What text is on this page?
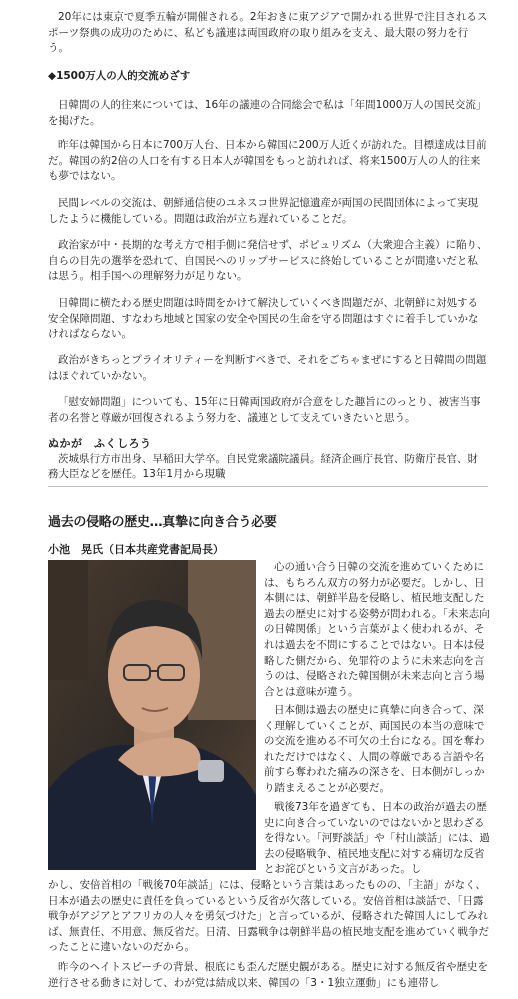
20年には東京で夏季五輪が開催される。2年おきに東アジアで開かれる世界で注目されるスポーツ祭典の成功のために、私ども議連は両国政府の取り組みを支え、最大限の努力を行う。

◆1500万人の人的交流めざす

日韓間の人的往来については、16年の議連の合同総会で私は「年間1000万人の国民交流」を掲げた。

昨年は韓国から日本に700万人台、日本から韓国に200万人近くが訪れた。目標達成は目前だ。韓国の約2倍の人口を有する日本人が韓国をもっと訪れれば、将来1500万人の人的往来も夢ではない。

民間レベルの交流は、朝鮮通信使のユネスコ世界記憶遺産が両国の民間団体によって実現したように機能している。問題は政治が立ち遅れていることだ。

政治家が中・長期的な考え方で相手側に発信せず、ポピュリズム（大衆迎合主義）に陥り、自らの目先の選挙を恐れて、自国民へのリップサービスに終始していることが間違いだと私は思う。相手国への理解努力が足りない。

日韓間に横たわる歴史問題は時間をかけて解決していくべき問題だが、北朝鮮に対処する安全保障問題、すなわち地域と国家の安全や国民の生命を守る問題はすぐに着手していかなければならない。

政治がきちっとプライオリティーを判断すべきで、それをごちゃまぜにすると日韓間の問題はほぐれていかない。

「慰安婦問題」についても、15年に日韓両国政府が合意をした趣旨にのっとり、被害当事者の名誉と尊厳が回復されるよう努力を、議連として支えていきたいと思う。

ぬかが　ふくしろう

茨城県行方市出身、早稲田大学卒。自民党衆議院議員。経済企画庁長官、防衛庁長官、財務大臣などを歴任。13年1月から現職

過去の侵略の歴史…真摯に向き合う必要
小池　晃氏（日本共産党書記局長）

心の通い合う日韓の交流を進めていくためには、もちろん双方の努力が必要だ。しかし、日本側には、朝鮮半島を侵略し、植民地支配した過去の歴史に対する姿勢が問われる。「未来志向の日韓関係」という言葉がよく使われるが、それは過去を不問にすることではない。日本は侵略した側だから、免罪符のように未来志向を言うのは、侵略された韓国側が未来志向と言う場合とは意味が違う。

日本側は過去の歴史に真摯に向き合って、深く理解していくことが、両国民の本当の意味での交流を進める不可欠の土台になる。国を奪われただけではなく、人間の尊厳である言語や名前すら奪われた痛みの深さを、日本側がしっかり踏まえることが必要だ。

戦後73年を過ぎても、日本の政治が過去の歴史に向き合っていないのではないかと思わざるを得ない。「河野談話」や「村山談話」には、過去の侵略戦争、植民地支配に対する痛切な反省とお詫びという文言があった。し

かし、安倍首相の「戦後70年談話」には、侵略という言葉はあったものの、「主語」がなく、日本が過去の歴史に責任を負っているという反省が欠落している。安倍首相は談話で、「日露戦争がアジアとアフリカの人々を勇気づけた」と言っているが、侵略された韓国人にしてみれば、無責任、不用意、無反省だ。日清、日露戦争は朝鮮半島の植民地支配を進めていく戦争だったことに違いないのだから。

昨今のヘイトスピーチの背景、根底にも歪んだ歴史観がある。歴史に対する無反省や歴史を逆行させる動きに対して、わが党は結成以来、韓国の「3・1独立運動」にも連帯し
